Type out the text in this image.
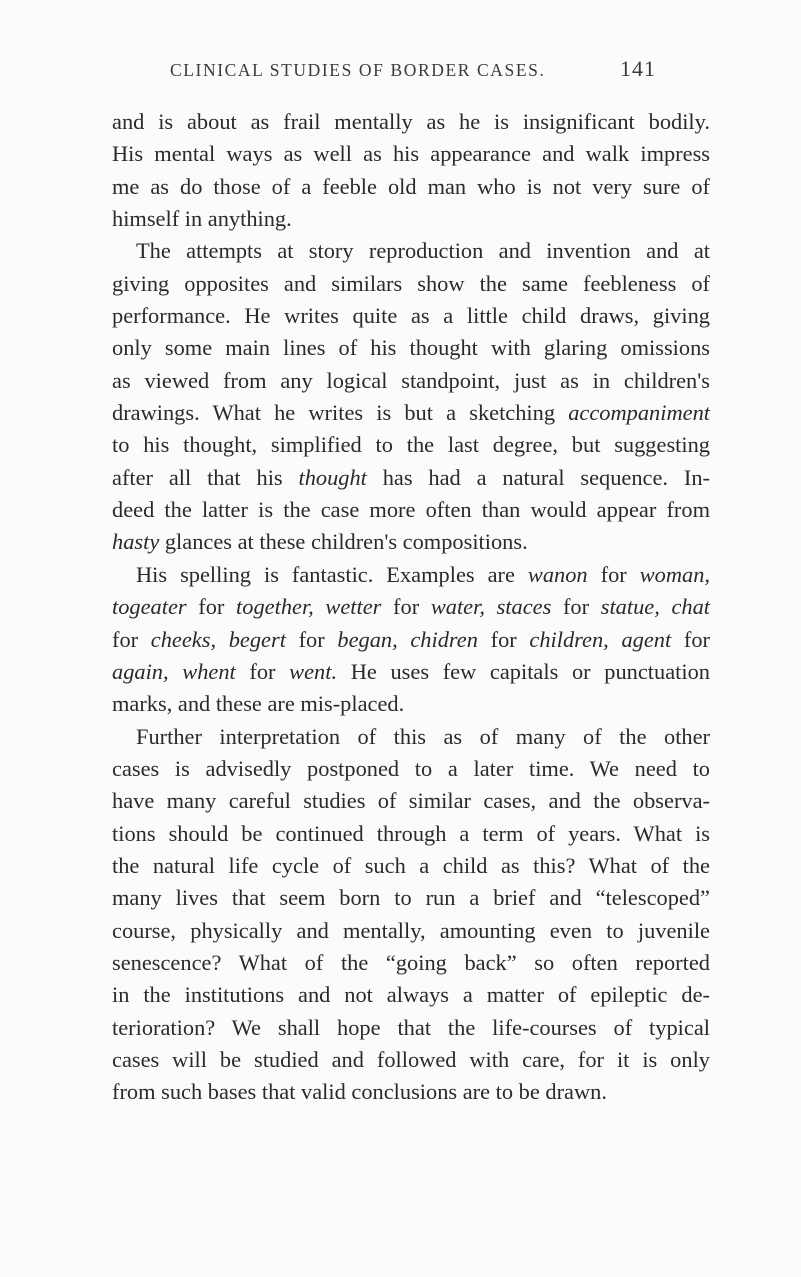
CLINICAL STUDIES OF BORDER CASES.	141
and is about as frail mentally as he is insignificant bodily.
His mental ways as well as his appearance and walk impress
me as do those of a feeble old man who is not very sure of
himself in anything.
The attempts at story reproduction and invention and at
giving opposites and similars show the same feebleness of
performance. He writes quite as a little child draws, giving
only some main lines of his thought with glaring omissions
as viewed from any logical standpoint, just as in children's
drawings. What he writes is but a sketching accompaniment
to his thought, simplified to the last degree, but suggesting
after all that his thought has had a natural sequence. In-
deed the latter is the case more often than would appear from
hasty glances at these children's compositions.
His spelling is fantastic. Examples are wanon for woman,
togeater for together, wetter for water, staces for statue, chat
for cheeks, begert for began, chidren for children, agent for
again, whent for went. He uses few capitals or punctuation
marks, and these are mis-placed.
Further interpretation of this as of many of the other
cases is advisedly postponed to a later time. We need to
have many careful studies of similar cases, and the observa-
tions should be continued through a term of years. What is
the natural life cycle of such a child as this? What of the
many lives that seem born to run a brief and “telescoped”
course, physically and mentally, amounting even to juvenile
senescence? What of the “going back” so often reported
in the institutions and not always a matter of epileptic de-
terioration? We shall hope that the life-courses of typical
cases will be studied and followed with care, for it is only
from such bases that valid conclusions are to be drawn.
